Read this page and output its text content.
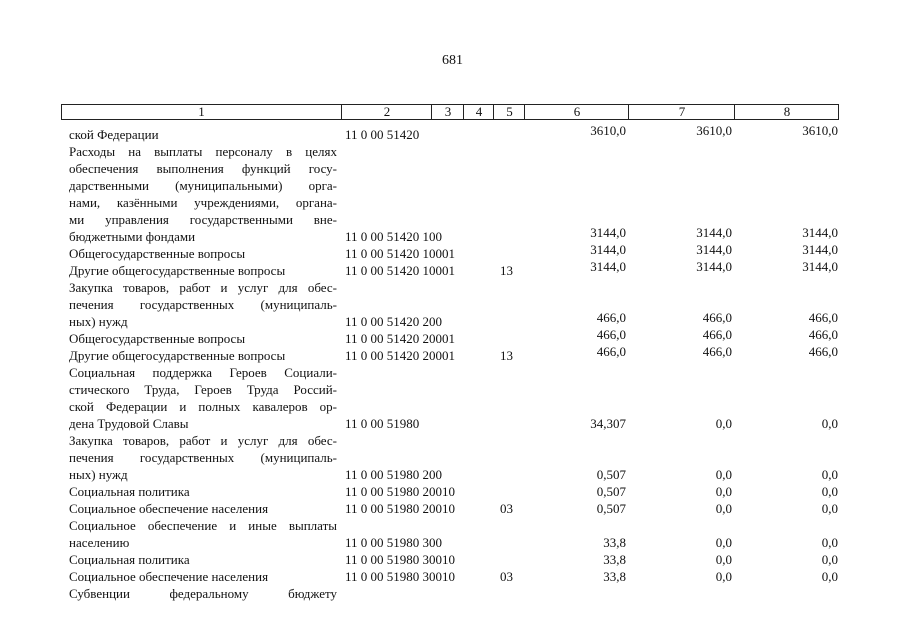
681
1	2	3	4	5	6	7	8
ской Федерации	11 0 00 51420	3610,0	3610,0	3610,0
Расходы на выплаты персоналу в целях
обеспечения выполнения функций госу-
дарственными (муниципальными) орга-
нами, казёнными учреждениями, органа-
ми управления государственными вне-
бюджетными фондами	11 0 00 51420 100	3144,0	3144,0	3144,0
Общегосударственные вопросы	11 0 00 51420 100 01	3144,0	3144,0	3144,0
Другие общегосударственные вопросы	11 0 00 51420 100 01	13	3144,0	3144,0	3144,0
Закупка товаров, работ и услуг для обес-
печения государственных (муниципаль-
ных) нужд	11 0 00 51420 200	466,0	466,0	466,0
Общегосударственные вопросы	11 0 00 51420 200 01	466,0	466,0	466,0
Другие общегосударственные вопросы	11 0 00 51420 200 01	13	466,0	466,0	466,0
Социальная поддержка Героев Социали-
стического Труда, Героев Труда Россий-
ской Федерации и полных кавалеров ор-
дена Трудовой Славы	11 0 00 51980	34,307	0,0	0,0
Закупка товаров, работ и услуг для обес-
печения государственных (муниципаль-
ных) нужд	11 0 00 51980 200	0,507	0,0	0,0
Социальная политика	11 0 00 51980 200 10	0,507	0,0	0,0
Социальное обеспечение населения	11 0 00 51980 200 10	03	0,507	0,0	0,0
Социальное обеспечение и иные выплаты
населению	11 0 00 51980 300	33,8	0,0	0,0
Социальная политика	11 0 00 51980 300 10	33,8	0,0	0,0
Социальное обеспечение населения	11 0 00 51980 300 10	03	33,8	0,0	0,0
Субвенции федеральному бюджету
